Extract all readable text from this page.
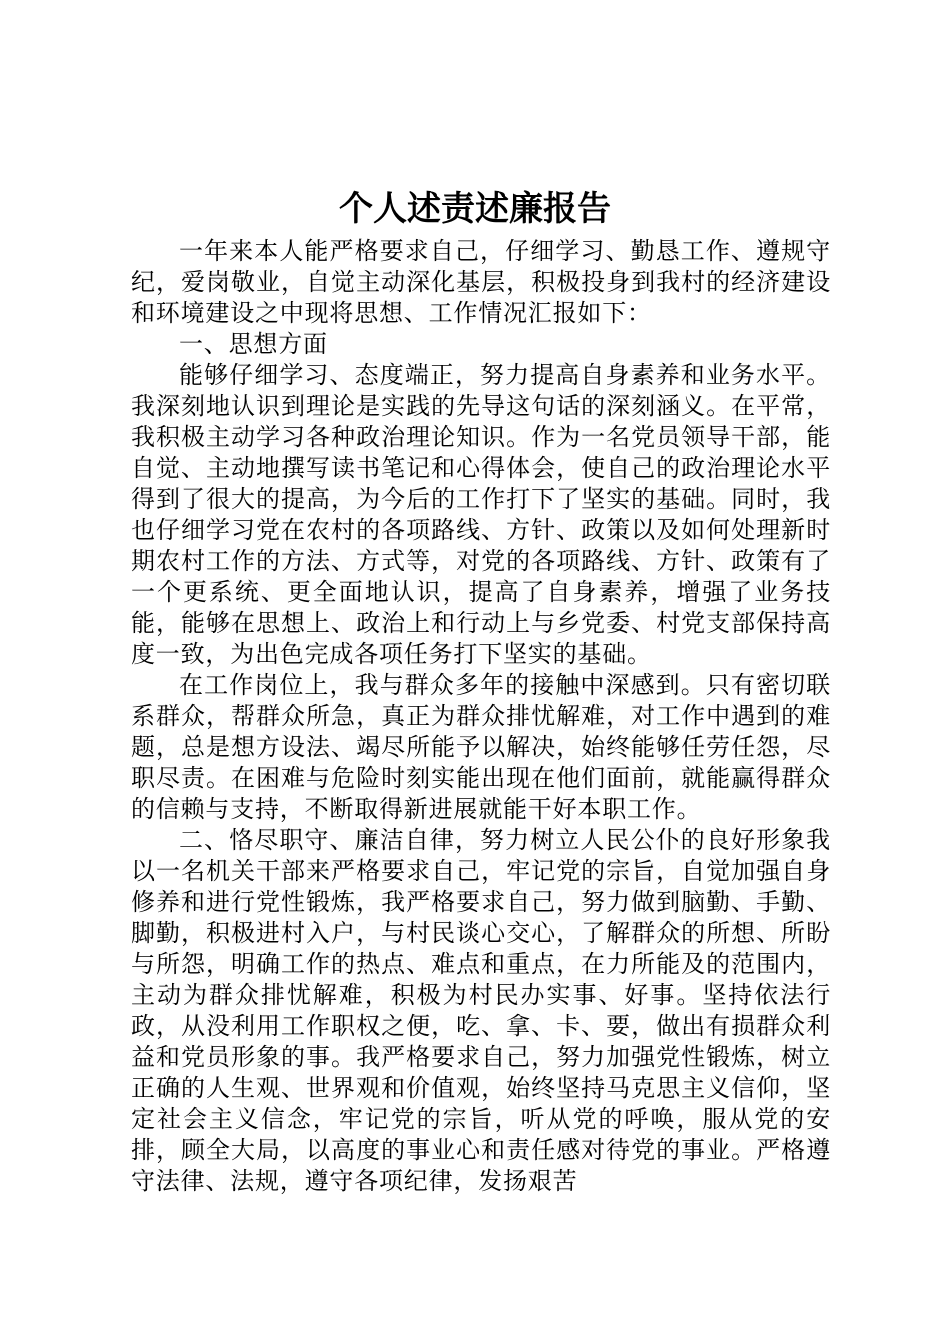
个人述责述廉报告

一年来本人能严格要求自己，仔细学习、勤恳工作、遵规守纪，爱岗敬业，自觉主动深化基层，积极投身到我村的经济建设和环境建设之中现将思想、工作情况汇报如下：

一、思想方面

能够仔细学习、态度端正，努力提高自身素养和业务水平。我深刻地认识到理论是实践的先导这句话的深刻涵义。在平常，我积极主动学习各种政治理论知识。作为一名党员领导干部，能自觉、主动地撰写读书笔记和心得体会，使自己的政治理论水平得到了很大的提高，为今后的工作打下了坚实的基础。同时，我也仔细学习党在农村的各项路线、方针、政策以及如何处理新时期农村工作的方法、方式等，对党的各项路线、方针、政策有了一个更系统、更全面地认识，提高了自身素养，增强了业务技能，能够在思想上、政治上和行动上与乡党委、村党支部保持高度一致，为出色完成各项任务打下坚实的基础。

在工作岗位上，我与群众多年的接触中深感到。只有密切联系群众，帮群众所急，真正为群众排忧解难，对工作中遇到的难题，总是想方设法、竭尽所能予以解决，始终能够任劳任怨，尽职尽责。在困难与危险时刻实能出现在他们面前，就能赢得群众的信赖与支持，不断取得新进展就能干好本职工作。

二、恪尽职守、廉洁自律，努力树立人民公仆的良好形象我以一名机关干部来严格要求自己，牢记党的宗旨，自觉加强自身修养和进行党性锻炼，我严格要求自己，努力做到脑勤、手勤、脚勤，积极进村入户，与村民谈心交心，了解群众的所想、所盼与所怨，明确工作的热点、难点和重点，在力所能及的范围内，主动为群众排忧解难，积极为村民办实事、好事。坚持依法行政，从没利用工作职权之便，吃、拿、卡、要，做出有损群众利益和党员形象的事。我严格要求自己，努力加强党性锻炼，树立正确的人生观、世界观和价值观，始终坚持马克思主义信仰，坚定社会主义信念，牢记党的宗旨，听从党的呼唤，服从党的安排，顾全大局，以高度的事业心和责任感对待党的事业。严格遵守法律、法规，遵守各项纪律，发扬艰苦
